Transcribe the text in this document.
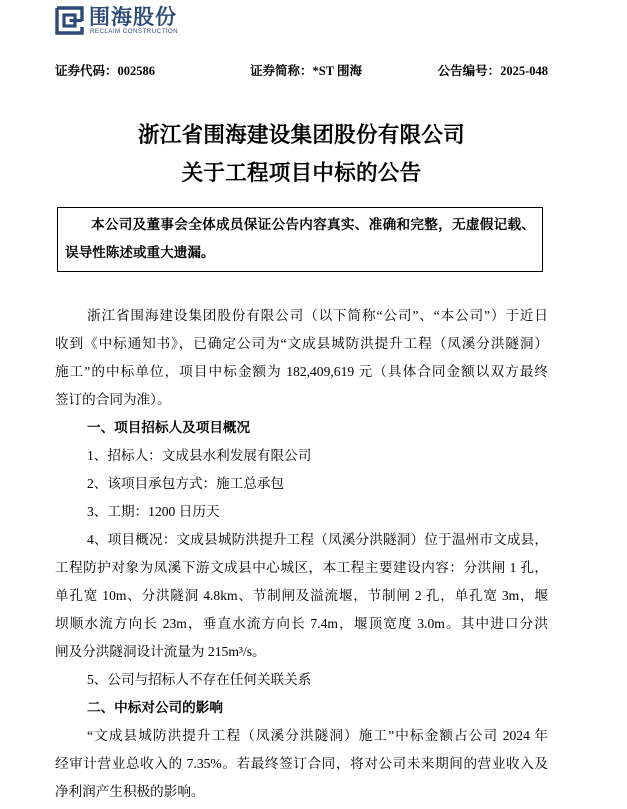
围海股份
RECLAIM CONSTRUCTION
证券代码：002586	证券简称：*ST 围海	公告编号：2025-048
浙江省围海建设集团股份有限公司
关于工程项目中标的公告
本公司及董事会全体成员保证公告内容真实、准确和完整，无虚假记载、
误导性陈述或重大遗漏。
浙江省围海建设集团股份有限公司（以下简称“公司”、“本公司”）于近日
收到《中标通知书》，已确定公司为“文成县城防洪提升工程（凤溪分洪隧洞）
施工”的中标单位，项目中标金额为 182,409,619 元（具体合同金额以双方最终
签订的合同为准）。
一、项目招标人及项目概况
1、招标人：文成县水利发展有限公司
2、该项目承包方式：施工总承包
3、工期：1200 日历天
4、项目概况：文成县城防洪提升工程（凤溪分洪隧洞）位于温州市文成县，
工程防护对象为凤溪下游文成县中心城区，本工程主要建设内容：分洪闸 1 孔，
单孔宽 10m、分洪隧洞 4.8km、节制闸及溢流堰，节制闸 2 孔，单孔宽 3m，堰
坝顺水流方向长 23m，垂直水流方向长 7.4m，堰顶宽度 3.0m。其中进口分洪
闸及分洪隧洞设计流量为 215m³/s。
5、公司与招标人不存在任何关联关系
二、中标对公司的影响
“文成县城防洪提升工程（凤溪分洪隧洞）施工”中标金额占公司 2024 年
经审计营业总收入的 7.35%。若最终签订合同，将对公司未来期间的营业收入及
净利润产生积极的影响。
